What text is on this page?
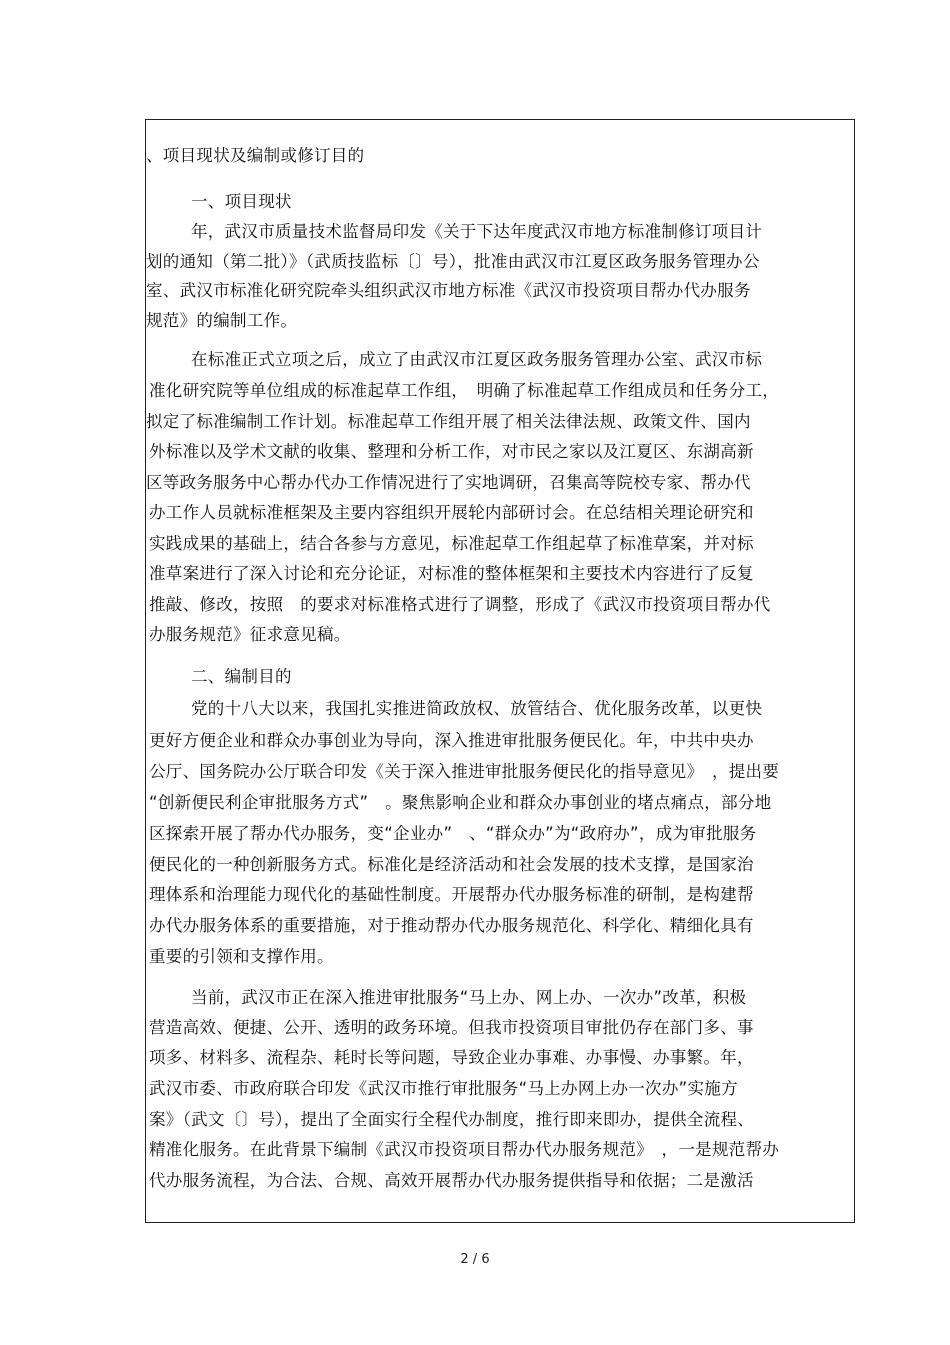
、项目现状及编制或修订目的
一、项目现状
年，武汉市质量技术监督局印发《关于下达年度武汉市地方标准制修订项目计
划的通知（第二批）》（武质技监标〔〕号），批准由武汉市江夏区政务服务管理办公
室、武汉市标准化研究院牵头组织武汉市地方标准《武汉市投资项目帮办代办服务
规范》的编制工作。
在标准正式立项之后，成立了由武汉市江夏区政务服务管理办公室、武汉市标
准化研究院等单位组成的标准起草工作组，　明确了标准起草工作组成员和任务分工，
拟定了标准编制工作计划。标准起草工作组开展了相关法律法规、政策文件、国内
外标准以及学术文献的收集、整理和分析工作，对市民之家以及江夏区、东湖高新
区等政务服务中心帮办代办工作情况进行了实地调研，召集高等院校专家、帮办代
办工作人员就标准框架及主要内容组织开展轮内部研讨会。在总结相关理论研究和
实践成果的基础上，结合各参与方意见，标准起草工作组起草了标准草案，并对标
准草案进行了深入讨论和充分论证，对标准的整体框架和主要技术内容进行了反复
推敲、修改，按照　的要求对标准格式进行了调整，形成了《武汉市投资项目帮办代
办服务规范》征求意见稿。
二、编制目的
党的十八大以来，我国扎实推进简政放权、放管结合、优化服务改革，以更快
更好方便企业和群众办事创业为导向，深入推进审批服务便民化。年，中共中央办
公厅、国务院办公厅联合印发《关于深入推进审批服务便民化的指导意见》　，提出要
“创新便民利企审批服务方式”　。聚焦影响企业和群众办事创业的堵点痛点，部分地
区探索开展了帮办代办服务，变“企业办”　、“群众办”为“政府办”，成为审批服务
便民化的一种创新服务方式。标准化是经济活动和社会发展的技术支撑，是国家治
理体系和治理能力现代化的基础性制度。开展帮办代办服务标准的研制，是构建帮
办代办服务体系的重要措施，对于推动帮办代办服务规范化、科学化、精细化具有
重要的引领和支撑作用。
当前，武汉市正在深入推进审批服务“马上办、网上办、一次办”改革，积极
营造高效、便捷、公开、透明的政务环境。但我市投资项目审批仍存在部门多、事
项多、材料多、流程杂、耗时长等问题，导致企业办事难、办事慢、办事繁。年，
武汉市委、市政府联合印发《武汉市推行审批服务“马上办网上办一次办”实施方
案》（武文〔〕号），提出了全面实行全程代办制度，推行即来即办，提供全流程、
精准化服务。在此背景下编制《武汉市投资项目帮办代办服务规范》　，一是规范帮办
代办服务流程，为合法、合规、高效开展帮办代办服务提供指导和依据；二是激活
2 / 6
